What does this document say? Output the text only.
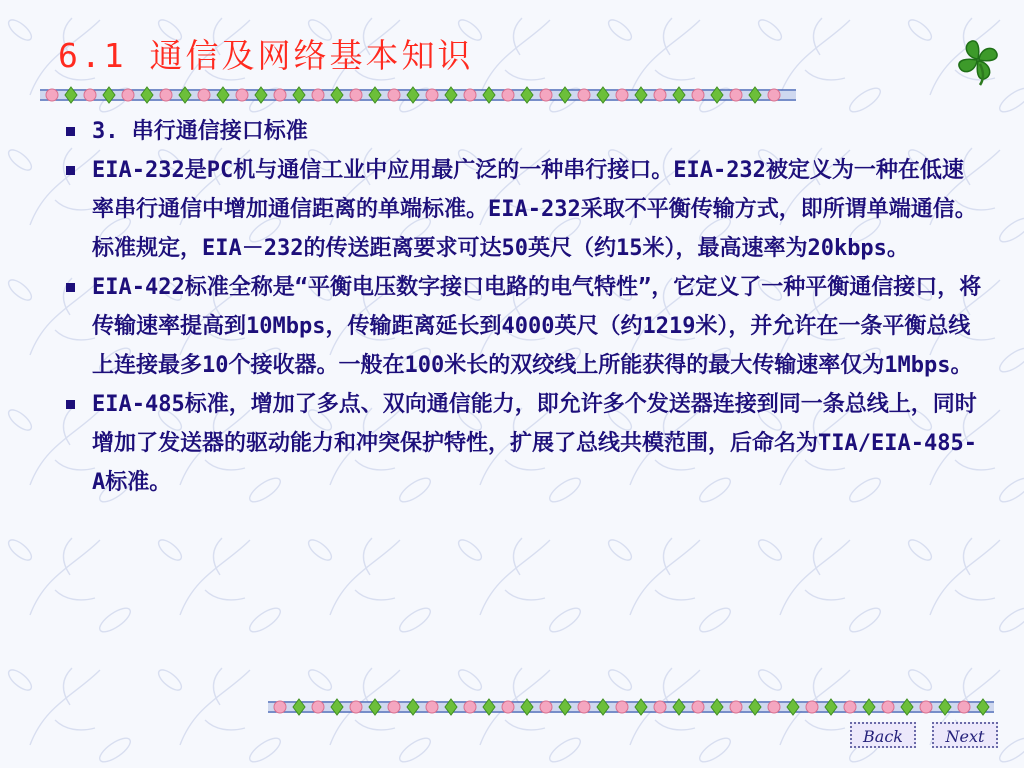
6.1 通信及网络基本知识
3. 串行通信接口标准
EIA-232是PC机与通信工业中应用最广泛的一种串行接口。EIA-232被定义为一种在低速率串行通信中增加通信距离的单端标准。EIA-232采取不平衡传输方式，即所谓单端通信。标准规定，EIA－232的传送距离要求可达50英尺（约15米），最高速率为20kbps。
EIA-422标准全称是“平衡电压数字接口电路的电气特性”，它定义了一种平衡通信接口，将传输速率提高到10Mbps，传输距离延长到4000英尺（约1219米），并允许在一条平衡总线上连接最多10个接收器。一般在100米长的双绞线上所能获得的最大传输速率仅为1Mbps。
EIA-485标准，增加了多点、双向通信能力，即允许多个发送器连接到同一条总线上，同时增加了发送器的驱动能力和冲突保护特性，扩展了总线共模范围，后命名为TIA/EIA-485-A标准。
Back	Next
